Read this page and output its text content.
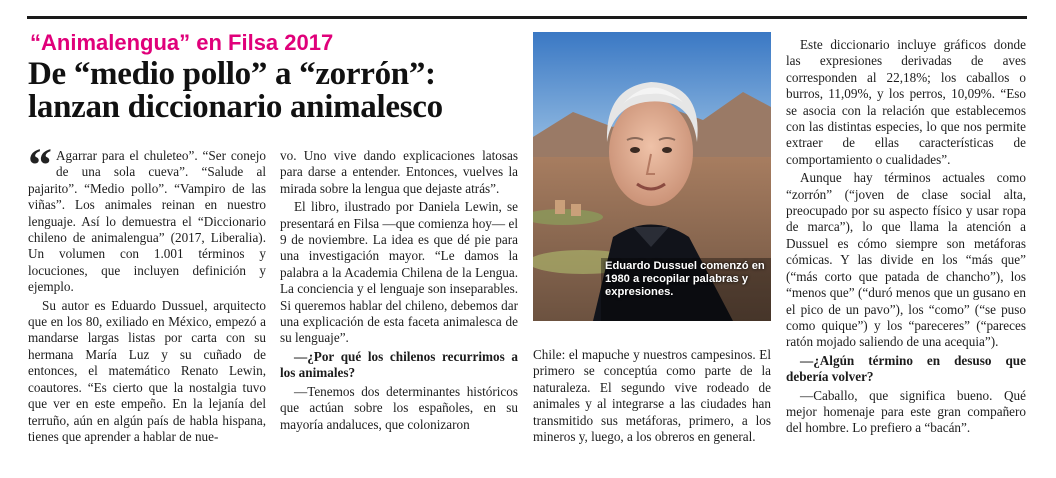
“Animalengua” en Filsa 2017
De “medio pollo” a “zorrón”:
lanzan diccionario animalesco
“ Agarrar para el chuleteo”. “Ser conejo de una sola cueva”. “Salude al pajarito”. “Medio pollo”. “Vampiro de las viñas”. Los animales reinan en nuestro lenguaje. Así lo demuestra el “Diccionario chileno de animalengua” (2017, Liberalia). Un volumen con 1.001 términos y locuciones, que incluyen definición y ejemplo.

Su autor es Eduardo Dussuel, arquitecto que en los 80, exiliado en México, empezó a mandarse largas listas por carta con su hermana María Luz y su cuñado de entonces, el matemático Renato Lewin, coautores. “Es cierto que la nostalgia tuvo que ver en este empeño. En la lejanía del terruño, aún en algún país de habla hispana, tienes que aprender a hablar de nue-

vo. Uno vive dando explicaciones latosas para darse a entender. Entonces, vuelves la mirada sobre la lengua que dejaste atrás”.

El libro, ilustrado por Daniela Lewin, se presentará en Filsa —que comienza hoy— el 9 de noviembre. La idea es que dé pie para una investigación mayor. “Le damos la palabra a la Academia Chilena de la Lengua. La conciencia y el lenguaje son inseparables. Si queremos hablar del chileno, debemos dar una explicación de esta faceta animalesca de su lenguaje”.

—¿Por qué los chilenos recurrimos a los animales?

—Tenemos dos determinantes históricos que actúan sobre los españoles, en su mayoría andaluces, que colonizaron

Eduardo Dussuel comenzó en 1980 a recopilar palabras y expresiones.

Chile: el mapuche y nuestros campesinos. El primero se conceptúa como parte de la naturaleza. El segundo vive rodeado de animales y al integrarse a las ciudades han transmitido sus metáforas, primero, a los mineros y, luego, a los obreros en general.

Este diccionario incluye gráficos donde las expresiones derivadas de aves corresponden al 22,18%; los caballos o burros, 11,09%, y los perros, 10,09%. “Eso se asocia con la relación que establecemos con las distintas especies, lo que nos permite extraer de ellas características de comportamiento o cualidades”.

Aunque hay términos actuales como “zorrón” (“joven de clase social alta, preocupado por su aspecto físico y usar ropa de marca”), lo que llama la atención a Dussuel es cómo siempre son metáforas cómicas. Y las divide en los “más que” (“más corto que patada de chancho”), los “menos que” (“duró menos que un gusano en el pico de un pavo”), los “como” (“se puso como quique”) y los “pareceres” (“pareces ratón mojado saliendo de una acequia”).

—¿Algún término en desuso que debería volver?

—Caballo, que significa bueno. Qué mejor homenaje para este gran compañero del hombre. Lo prefiero a “bacán”.
